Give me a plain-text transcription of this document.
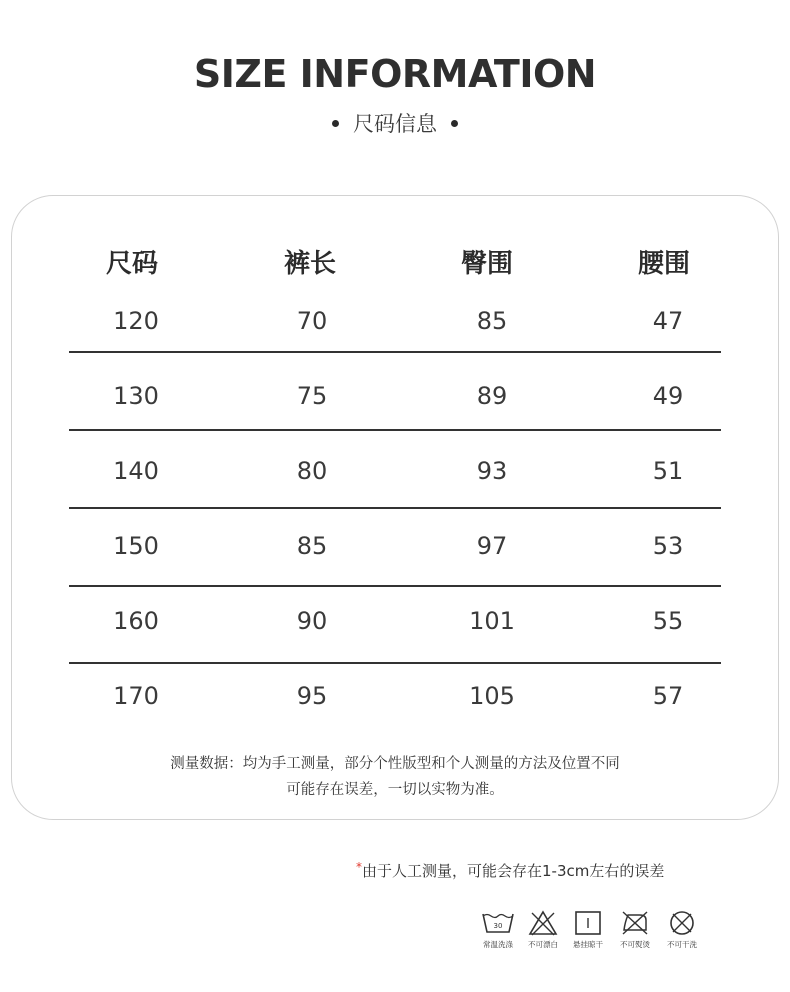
SIZE INFORMATION
尺码信息
尺码	裤长	臀围	腰围
120	70	85	47
130	75	89	49
140	80	93	51
150	85	97	53
160	90	101	55
170	95	105	57
测量数据：均为手工测量，部分个性版型和个人测量的方法及位置不同
可能存在误差，一切以实物为准。
*由于人工测量，可能会存在1-3cm左右的误差
30
常温洗涤	不可漂白	悬挂晾干	不可熨烫	不可干洗
